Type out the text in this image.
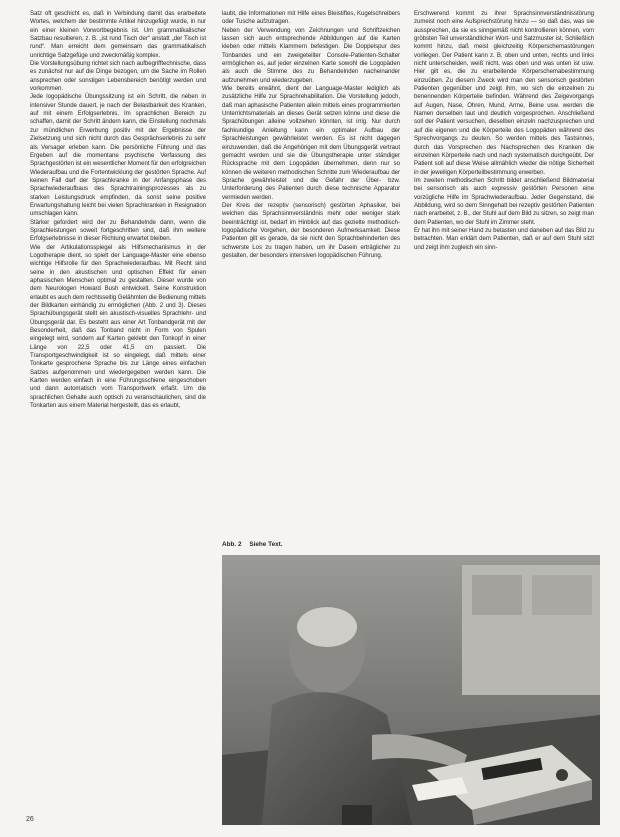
Satz oft geschicht es, daß in Verbindung damit das erarbeitete Wortes, welchem der bestimmte Artikel hinzugefügt wurde, in nur ein einer kleinen Vorwortbegebnis ist. Um grammatikalischer Satzbau resultieren, z. B. „ist rund Tisch der“ anstatt „der Tisch ist rund“. Man erreicht dem gemeinsam das grammatikalisch unrichtige Satzgefüge und zweckmäßig komplex.

Die Vorstellungsübung richtet sich nach aufbegrifftechnische, dass es zunächst nur auf die Dinge bezogen, um die Sache im Rollen ansprechen oder sonstigen Lebensbereich benötigt werden und vorkommen.

Jede logopädische Übungssitzung ist ein Schritt, die neben in intensiver Stunde dauert, je nach der Belastbarkeit des Kranken, auf mit einem Erfolgserlebnis. Im sprachlichen Bereich zu schaffen, damit der Schritt ändern kann, die Einstellung nochmals zur mündlichen Erwerbung positiv mit der Ergebnisse der Zielsetzung und sich nicht durch das Gesprächserlebnis zu sehr als Versager erleben kann. Die persönliche Führung und das Ergeben auf die momentane psychische Verfassung des Sprachgestörten ist ein wesentlicher Moment für den erfolgreichen Wiederaufbau und die Fortentwicklung der gestörten Sprache. Auf keinen Fall darf der Sprachkranke in der Anfangsphase des Sprachwiederaufbaus des Sprachtrainingsprozesses als zu starken Leistungsdruck empfinden, da sonst seine positive Erwartungshaltung leicht bei vielen Sprachkranken in Resignation umschlagen kann.

Stärker gefordert wird der zu Behandelnde dann, wenn die Sprachleistungen soweit fortgeschritten sind, daß ihm weitere Erfolgserlebnisse in dieser Richtung erwartet bleiben.

Wie der Artikulationsspiegel als Hilfsmechanismus in der Logotherapie dient, so spielt der Language-Master eine ebenso wichtige Hilfsrolle für den Sprachwiederaufbau. Mit Recht sind seine in den akustischen und optischen Effekt für einen aphasischen Menschen optimal zu gestalten. Dieser wurde von dem Neurologen Howard Bush entwickelt. Seine Konstruktion erlaubt es auch dem rechtsseitig Gelähmten die Bedienung mittels der Bildkarten einhändig zu ermöglichen (Abb. 2 und 3). Dieses Sprachübungsgerät stellt ein akustisch-visuelles Sprachlehr- und Übungsgerät dar. Es besteht aus einer Art Tonbandgerät mit der Besonderheit, daß das Tonband nicht in Form von Spulen eingelegt wird, sondern auf Karten geklebt den Tonkopf in einer Länge von 22,5 oder 41,5 cm passiert. Die Transportgeschwindigkeit ist so eingelegt, daß mittels einer Tonkarte gesprochene Sprache bis zur Länge eines einfachen Satzes aufgenommen und wiedergegeben werden kann. Die Karten werden einfach in eine Führungsschiene eingeschoben und dann automatisch vom Transportwerk erfaßt. Um die sprachlichen Gehalte auch optisch zu veranschaulichen, sind die Tonkarten aus einem Material hergestellt, das es erlaubt,

laubt, die Informationen mit Hilfe eines Bleistiftes, Kugelschreibers oder Tusche aufzutragen.

Neben der Verwendung von Zeichnungen und Schriftzeichen lassen sich auch entsprechende Abbildungen auf die Karten kleben oder mittels Klammern befestigen. Die Doppelspur des Tonbandes und ein zweigeteilter Console-Patienten-Schalter ermöglichen es, auf jeder einzelnen Karte sowohl die Logopäden als auch die Stimme des zu Behandelnden nacheinander aufzunehmen und wiederzugeben.

Wie bereits erwähnt, dient der Language-Master lediglich als zusätzliche Hilfe zur Sprachrehabilitation. Die Vorstellung jedoch, daß man aphasische Patienten allein mittels eines programmierten Unterrichtsmaterials an dieses Gerät setzen könne und diese die Sprachübungen alleine vollziehen könnten, ist irrig. Nur durch fachkundige Anleitung kann ein optimaler Aufbau der Sprachleistungen gewährleistet werden. Es ist nicht dagegen einzuwenden, daß die Angehörigen mit dem Übungsgerät vertraut gemacht werden und sie die Übungstherapie unter ständiger Rücksprache mit dem Logopäden übernehmen, denn nur so können die weiteren methodischen Schritte zum Wiederaufbau der Sprache gewährleistet und die Gefahr der Über- bzw. Unterforderung des Patienten durch diese technische Apparatur vermieden werden.

Der Kreis der rezeptiv (sensorisch) gestörten Aphasiker, bei welchen das Sprachsinnverständnis mehr oder weniger stark beeinträchtigt ist, bedarf im Hinblick auf das gezielte methodisch-logopädische Vorgehen, der besonderen Aufmerksamkeit. Diese Patienten gilt es gerade, da sie nicht den Sprachbehinderten des schwerste Los zu tragen haben, um ihr Dasein erträglicher zu gestalten, der besonders intensiven logopädischen Führung.

Erschwerend kommt zu ihrer Sprachsinnverständnisstörung zumeist noch eine Aufsprechstörung hinzu — so daß das, was sie aussprechen, da sie es sinngemäß nicht kontrollieren können, vom gröbsten Teil unverständlicher Wort- und Satzmuster ist. Schließlich kommt hinzu, daß meist gleichzeitig Körperschemastörungen vorliegen. Der Patient kann z. B. oben und unten, rechts und links nicht unterscheiden, weiß nicht, was oben und was unten ist usw. Hier gilt es, die zu erarbeitende Körperschemabestimmung einzuüben. Zu diesem Zweck wird man den sensorisch gestörten Patienten gegenüber und zeigt ihm, wo sich die einzelnen zu benennenden Körperteile befinden. Während des Zeigevorgangs auf Augen, Nase, Ohren, Mund, Arme, Beine usw. werden die Namen derselben laut und deutlich vorgesprochen. Anschließend soll der Patient versuchen, dieselben einzeln nachzusprechen und auf die eigenen und die Körperteile des Logopäden während des Sprechvorgangs zu deuten. So werden mittels des Tastsinnes, durch das Vorsprechen des Nachsprechen des Kranken die einzelnen Körperteile nach und nach systematisch durchgeübt. Der Patient soll auf diese Weise allmählich wieder die nötige Sicherheit in der jeweiligen Körperteilbestimmung erwerben.

Im zweiten methodischen Schritt bildet anschließend Bildmaterial bei sensorisch als auch expressiv gestörten Personen eine vorzügliche Hilfe im Sprachwiederaufbau. Jeder Gegenstand, die Abbildung, wird so dem Sinngehalt bei rezeptiv gestörten Patienten nach erarbeitet, z. B., der Stuhl auf dem Bild zu sitzen, so zeigt man dem Patienten, wo der Stuhl im Zimmer steht.

Er hat ihn mit seiner Hand zu betasten und daneben auf das Bild zu betrachten. Man erklärt dem Patienten, daß er auf dem Stuhl sitzt und zeigt ihm zugleich ein sinn-

Abb. 2 Siehe Text.
26
